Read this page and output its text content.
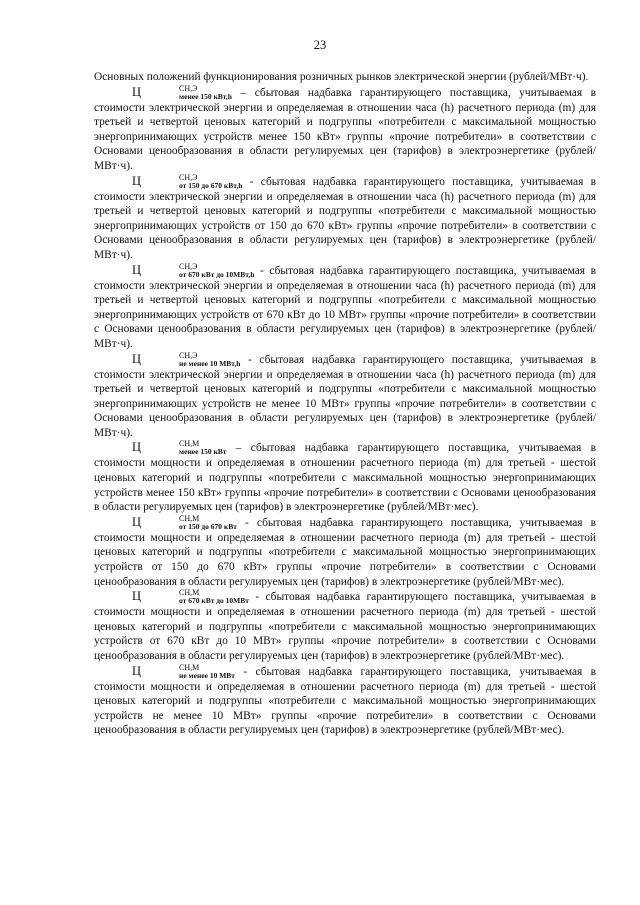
23

Основных положений функционирования розничных рынков электрической энергии (рублей/МВт·ч).

Ц	СН,Э
менее 150 кВт,h – сбытовая надбавка гарантирующего поставщика, учитываемая в стоимости электрической энергии и определяемая в отношении часа (h) расчетного периода (m) для третьей и четвертой ценовых категорий и подгруппы «потребители с максимальной мощностью энергопринимающих устройств менее 150 кВт» группы «прочие потребители» в соответствии с Основами ценообразования в области регулируемых цен (тарифов) в электроэнергетике (рублей/МВт·ч).

Ц	СН,Э
от 150 до 670 кВт,h - сбытовая надбавка гарантирующего поставщика, учитываемая в стоимости электрической энергии и определяемая в отношении часа (h) расчетного периода (m) для третьей и четвертой ценовых категорий и подгруппы «потребители с максимальной мощностью энергопринимающих устройств от 150 до 670 кВт» группы «прочие потребители» в соответствии с Основами ценообразования в области регулируемых цен (тарифов) в электроэнергетике (рублей/МВт·ч).

Ц	СН,Э
от 670 кВт до 10МВт,h - сбытовая надбавка гарантирующего поставщика, учитываемая в стоимости электрической энергии и определяемая в отношении часа (h) расчетного периода (m) для третьей и четвертой ценовых категорий и подгруппы «потребители с максимальной мощностью энергопринимающих устройств от 670 кВт до 10 МВт» группы «прочие потребители» в соответствии с Основами ценообразования в области регулируемых цен (тарифов) в электроэнергетике (рублей/МВт·ч).

Ц	СН,Э
не менее 10 МВт,h - сбытовая надбавка гарантирующего поставщика, учитываемая в стоимости электрической энергии и определяемая в отношении часа (h) расчетного периода (m) для третьей и четвертой ценовых категорий и подгруппы «потребители с максимальной мощностью энергопринимающих устройств не менее 10 МВт» группы «прочие потребители» в соответствии с Основами ценообразования в области регулируемых цен (тарифов) в электроэнергетике (рублей/МВт·ч).

Ц	СН,М
менее 150 кВт – сбытовая надбавка гарантирующего поставщика, учитываемая в стоимости мощности и определяемая в отношении расчетного периода (m) для третьей - шестой ценовых категорий и подгруппы «потребители с максимальной мощностью энергопринимающих устройств менее 150 кВт» группы «прочие потребители» в соответствии с Основами ценообразования в области регулируемых цен (тарифов) в электроэнергетике (рублей/МВт·мес).

Ц	СН,М
от 150 до 670 кВт - сбытовая надбавка гарантирующего поставщика, учитываемая в стоимости мощности и определяемая в отношении расчетного периода (m) для третьей - шестой ценовых категорий и подгруппы «потребители с максимальной мощностью энергопринимающих устройств от 150 до 670 кВт» группы «прочие потребители» в соответствии с Основами ценообразования в области регулируемых цен (тарифов) в электроэнергетике (рублей/МВт·мес).

Ц	СН,М
от 670 кВт до 10МВт - сбытовая надбавка гарантирующего поставщика, учитываемая в стоимости мощности и определяемая в отношении расчетного периода (m) для третьей - шестой ценовых категорий и подгруппы «потребители с максимальной мощностью энергопринимающих устройств от 670 кВт до 10 МВт» группы «прочие потребители» в соответствии с Основами ценообразования в области регулируемых цен (тарифов) в электроэнергетике (рублей/МВт·мес).

Ц	СН,М
не менее 10 МВт - сбытовая надбавка гарантирующего поставщика, учитываемая в стоимости мощности и определяемая в отношении расчетного периода (m) для третьей - шестой ценовых категорий и подгруппы «потребители с максимальной мощностью энергопринимающих устройств не менее 10 МВт» группы «прочие потребители» в соответствии с Основами ценообразования в области регулируемых цен (тарифов) в электроэнергетике (рублей/МВт·мес).
